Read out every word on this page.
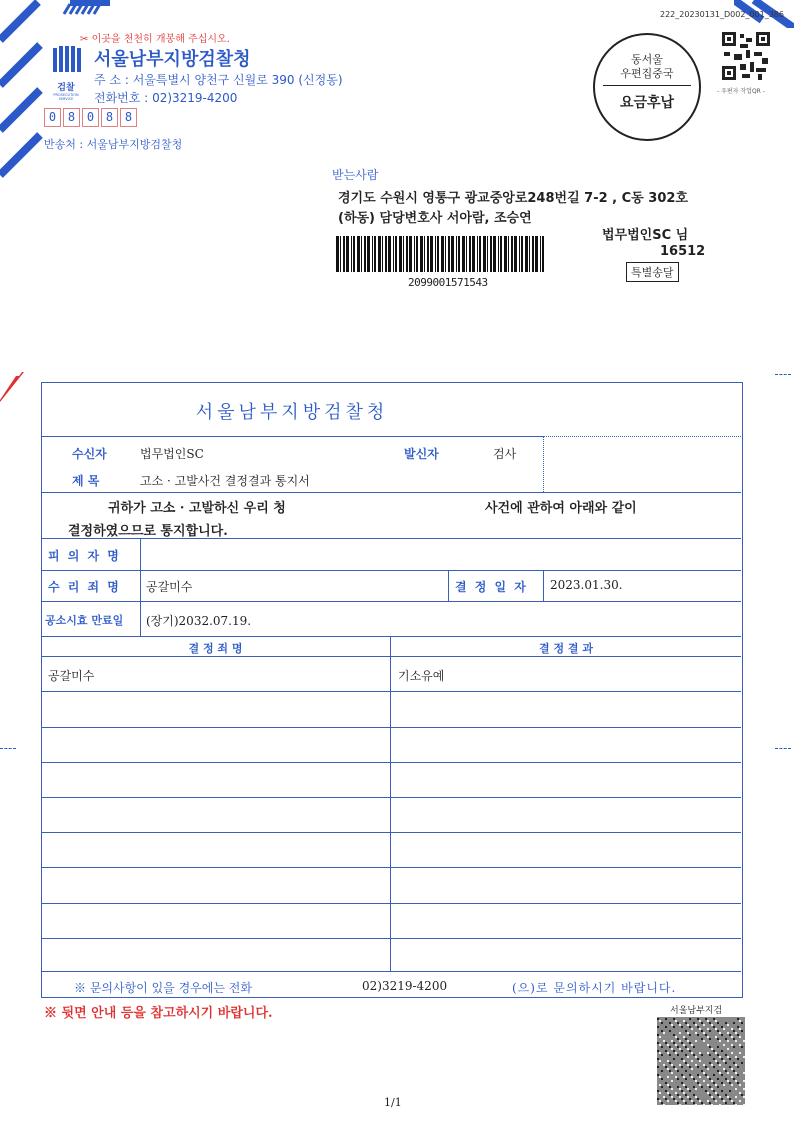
222_20230131_D002_001_386
✂ 이곳을 천천히 개봉해 주십시오.
검찰
PROSECUTION SERVICE
서울남부지방검찰청
주 소 : 서울특별시 양천구 신월로 390 (신정동)
전화번호 : 02)3219-4200
0 8 0 8 8
반송처 : 서울남부지방검찰청
동서울
우편집중국
요금후납
- 우편자 작업QR -
받는사람
경기도 수원시 영통구 광교중앙로248번길 7-2 , C동 302호
(하동) 담당변호사 서아람, 조승연
법무법인SC 님
16512
특별송달
2099001571543
서울남부지방검찰청
수신자	법무법인SC	발신자	검사
제 목	고소 · 고발사건 결정결과 통지서
귀하가 고소 · 고발하신 우리 청	사건에 관하여 아래와 같이
결정하였으므로 통지합니다.
피 의 자 명
수 리 죄 명 공갈미수	결 정 일 자 2023.01.30.
공소시효 만료일 (장기)2032.07.19.
결 정 죄 명	결 정 결 과
공갈미수	기소유예
※ 문의사항이 있을 경우에는 전화	02)3219-4200	(으)로 문의하시기 바랍니다.
※ 뒷면 안내 등을 참고하시기 바랍니다.	서울남부지검
1/1
